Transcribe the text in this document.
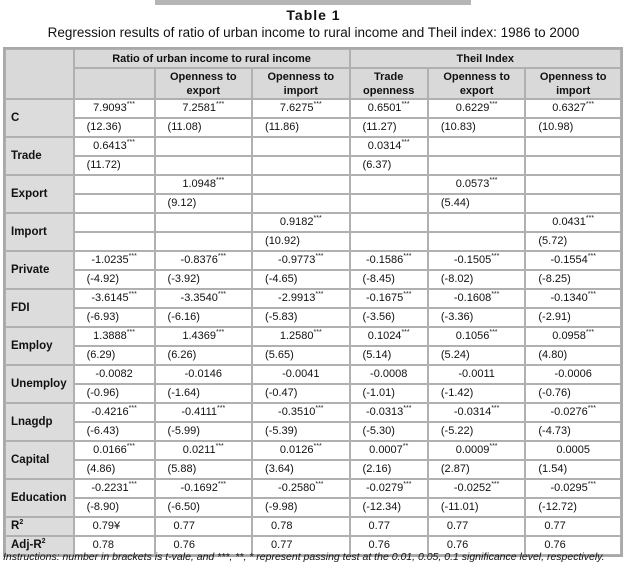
Table 1
Regression results of ratio of urban income to rural income and Theil index: 1986 to 2000
	Ratio of urban income to rural income			Theil Index		
		Openness to export	Openness to import	Trade openness	Openness to export	Openness to import
C	7.9093***	7.2581***	7.6275***	0.6501***	0.6229***	0.6327***
	(12.36)	(11.08)	(11.86)	(11.27)	(10.83)	(10.98)
Trade	0.6413***			0.0314***		
	(11.72)			(6.37)		
Export		1.0948***			0.0573***	
		(9.12)			(5.44)	
Import			0.9182***			0.0431***
			(10.92)			(5.72)
Private	-1.0235***	-0.8376***	-0.9773***	-0.1586***	-0.1505***	-0.1554***
	(-4.92)	(-3.92)	(-4.65)	(-8.45)	(-8.02)	(-8.25)
FDI	-3.6145***	-3.3540***	-2.9913***	-0.1675***	-0.1608***	-0.1340***
	(-6.93)	(-6.16)	(-5.83)	(-3.56)	(-3.36)	(-2.91)
Employ	1.3888***	1.4369***	1.2580***	0.1024***	0.1056***	0.0958***
	(6.29)	(6.26)	(5.65)	(5.14)	(5.24)	(4.80)
Unemploy	-0.0082	-0.0146	-0.0041	-0.0008	-0.0011	-0.0006
	(-0.96)	(-1.64)	(-0.47)	(-1.01)	(-1.42)	(-0.76)
Lnagdp	-0.4216***	-0.4111***	-0.3510***	-0.0313***	-0.0314***	-0.0276***
	(-6.43)	(-5.99)	(-5.39)	(-5.30)	(-5.22)	(-4.73)
Capital	0.0166***	0.0211***	0.0126***	0.0007**	0.0009***	0.0005
	(4.86)	(5.88)	(3.64)	(2.16)	(2.87)	(1.54)
Education	-0.2231***	-0.1692***	-0.2580***	-0.0279***	-0.0252***	-0.0295***
	(-8.90)	(-6.50)	(-9.98)	(-12.34)	(-11.01)	(-12.72)
$R^2$	0.79¥	0.77	0.78	0.77	0.77	0.77
Adj-$R^2$	0.78	0.76	0.77	0.76	0.76	0.76
Instructions: number in brackets is t-vale, and ***, **, * represent passing test at the 0.01, 0.05, 0.1 significance level, respectively.
